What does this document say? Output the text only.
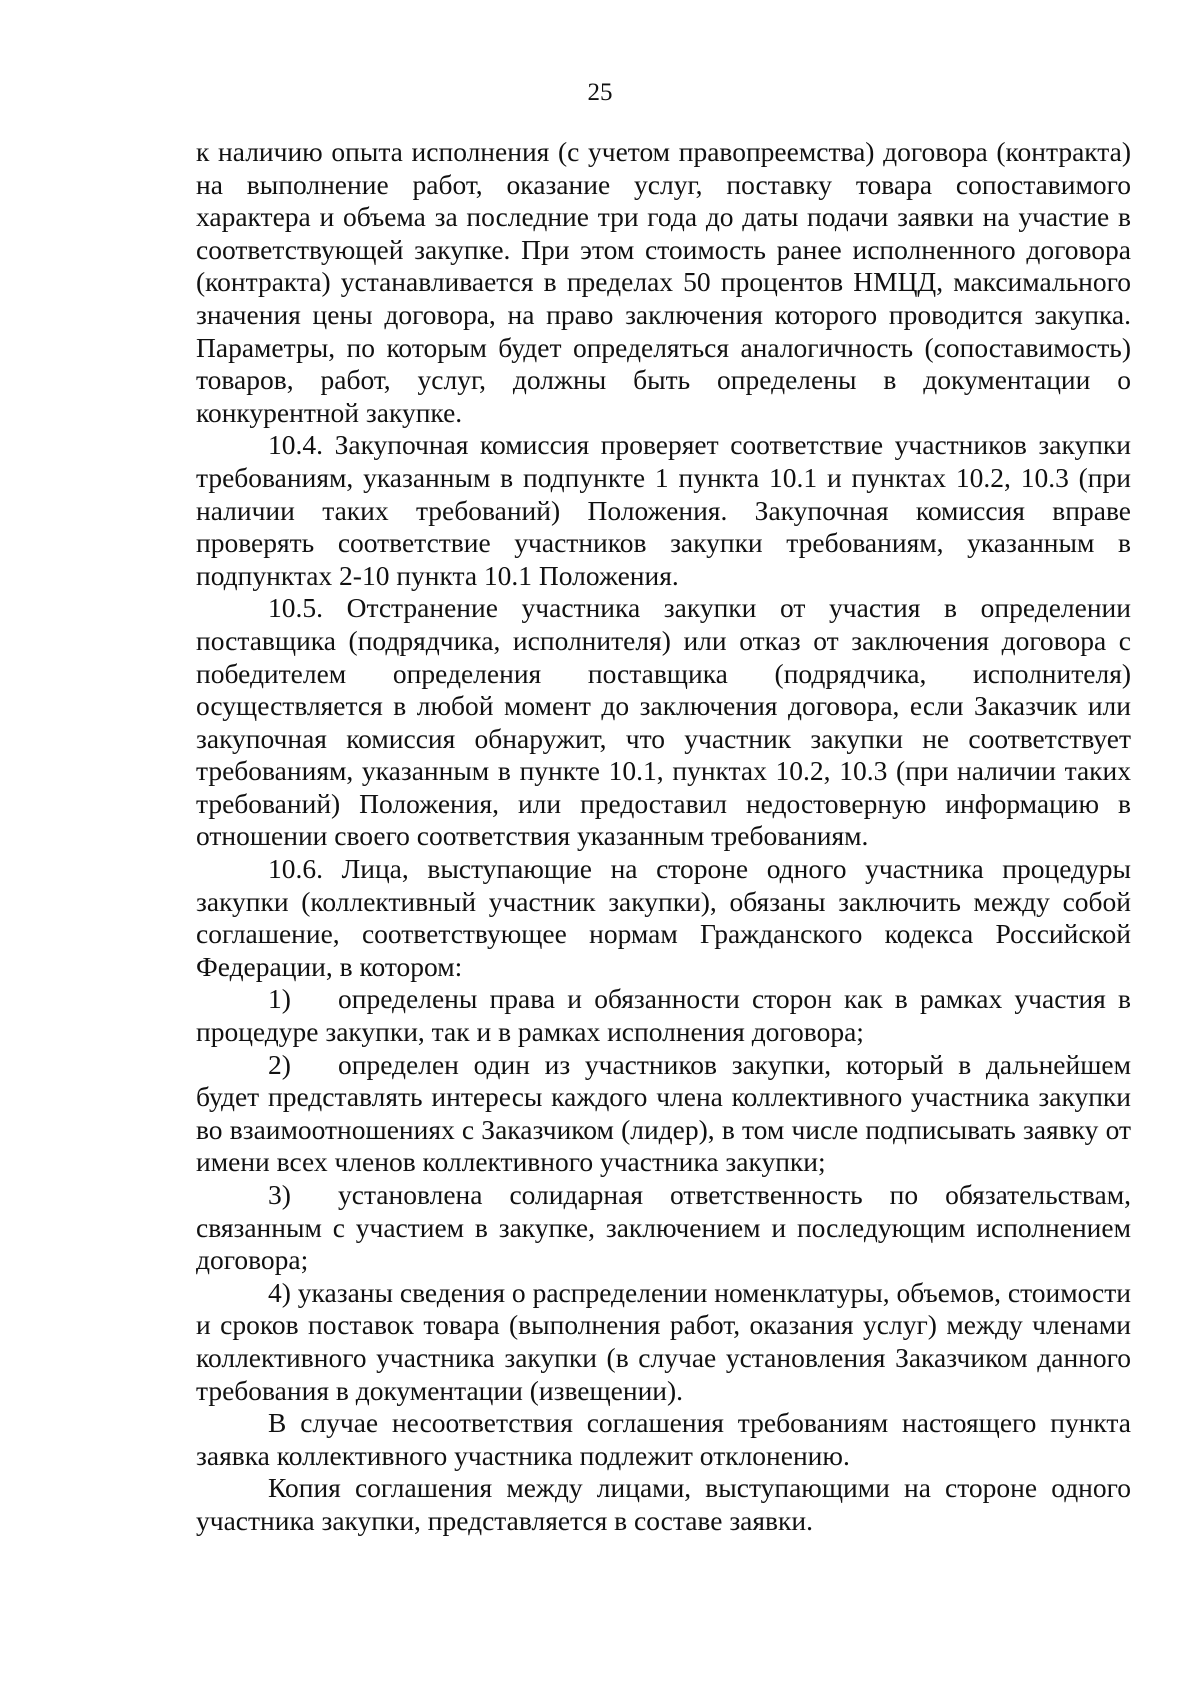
25

к наличию опыта исполнения (с учетом правопреемства) договора (контракта) на выполнение работ, оказание услуг, поставку товара сопоставимого характера и объема за последние три года до даты подачи заявки на участие в соответствующей закупке. При этом стоимость ранее исполненного договора (контракта) устанавливается в пределах 50 процентов НМЦД, максимального значения цены договора, на право заключения которого проводится закупка. Параметры, по которым будет определяться аналогичность (сопоставимость) товаров, работ, услуг, должны быть определены в документации о конкурентной закупке.

10.4. Закупочная комиссия проверяет соответствие участников закупки требованиям, указанным в подпункте 1 пункта 10.1 и пунктах 10.2, 10.3 (при наличии таких требований) Положения. Закупочная комиссия вправе проверять соответствие участников закупки требованиям, указанным в подпунктах 2-10 пункта 10.1 Положения.

10.5. Отстранение участника закупки от участия в определении поставщика (подрядчика, исполнителя) или отказ от заключения договора с победителем определения поставщика (подрядчика, исполнителя) осуществляется в любой момент до заключения договора, если Заказчик или закупочная комиссия обнаружит, что участник закупки не соответствует требованиям, указанным в пункте 10.1, пунктах 10.2, 10.3 (при наличии таких требований) Положения, или предоставил недостоверную информацию в отношении своего соответствия указанным требованиям.

10.6. Лица, выступающие на стороне одного участника процедуры закупки (коллективный участник закупки), обязаны заключить между собой соглашение, соответствующее нормам Гражданского кодекса Российской Федерации, в котором:

1) определены права и обязанности сторон как в рамках участия в процедуре закупки, так и в рамках исполнения договора;

2) определен один из участников закупки, который в дальнейшем будет представлять интересы каждого члена коллективного участника закупки во взаимоотношениях с Заказчиком (лидер), в том числе подписывать заявку от имени всех членов коллективного участника закупки;

3) установлена солидарная ответственность по обязательствам, связанным с участием в закупке, заключением и последующим исполнением договора;

4) указаны сведения о распределении номенклатуры, объемов, стоимости и сроков поставок товара (выполнения работ, оказания услуг) между членами коллективного участника закупки (в случае установления Заказчиком данного требования в документации (извещении).

В случае несоответствия соглашения требованиям настоящего пункта заявка коллективного участника подлежит отклонению.

Копия соглашения между лицами, выступающими на стороне одного участника закупки, представляется в составе заявки.
